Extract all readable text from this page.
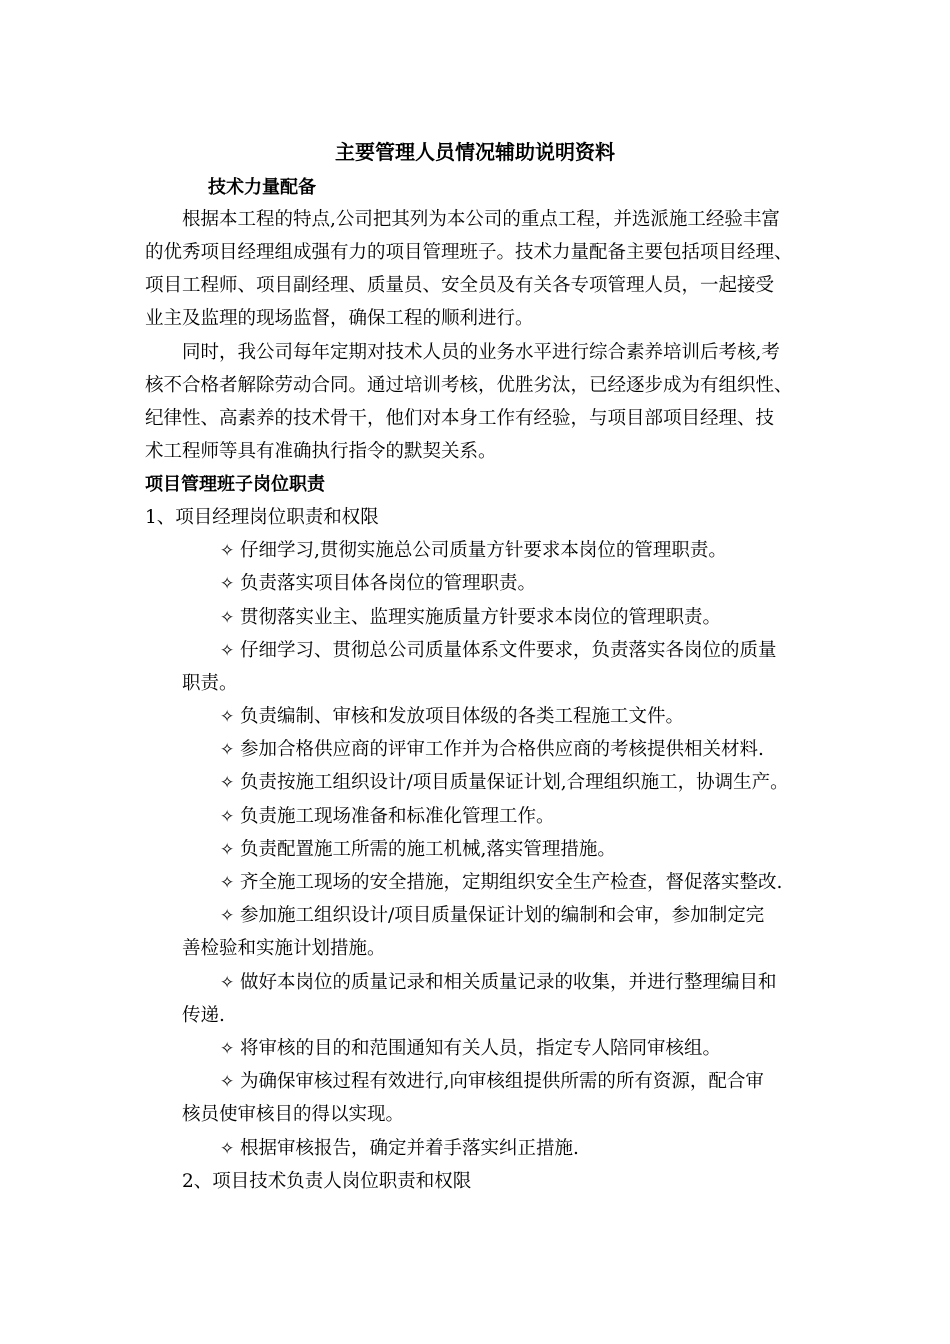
主要管理人员情况辅助说明资料
技术力量配备
根据本工程的特点,公司把其列为本公司的重点工程，并选派施工经验丰富
的优秀项目经理组成强有力的项目管理班子。技术力量配备主要包括项目经理、
项目工程师、项目副经理、质量员、安全员及有关各专项管理人员，一起接受
业主及监理的现场监督，确保工程的顺利进行。
同时，我公司每年定期对技术人员的业务水平进行综合素养培训后考核,考
核不合格者解除劳动合同。通过培训考核，优胜劣汰，已经逐步成为有组织性、
纪律性、高素养的技术骨干，他们对本身工作有经验，与项目部项目经理、技
术工程师等具有准确执行指令的默契关系。
项目管理班子岗位职责
1、项目经理岗位职责和权限
✧ 仔细学习,贯彻实施总公司质量方针要求本岗位的管理职责。
✧ 负责落实项目体各岗位的管理职责。
✧ 贯彻落实业主、监理实施质量方针要求本岗位的管理职责。
✧ 仔细学习、贯彻总公司质量体系文件要求，负责落实各岗位的质量
职责。
✧ 负责编制、审核和发放项目体级的各类工程施工文件。
✧ 参加合格供应商的评审工作并为合格供应商的考核提供相关材料.
✧ 负责按施工组织设计/项目质量保证计划,合理组织施工，协调生产。
✧ 负责施工现场准备和标准化管理工作。
✧ 负责配置施工所需的施工机械,落实管理措施。
✧ 齐全施工现场的安全措施，定期组织安全生产检查，督促落实整改.
✧ 参加施工组织设计/项目质量保证计划的编制和会审，参加制定完
善检验和实施计划措施。
✧ 做好本岗位的质量记录和相关质量记录的收集，并进行整理编目和
传递.
✧ 将审核的目的和范围通知有关人员，指定专人陪同审核组。
✧ 为确保审核过程有效进行,向审核组提供所需的所有资源，配合审
核员使审核目的得以实现。
✧ 根据审核报告，确定并着手落实纠正措施.
2、项目技术负责人岗位职责和权限
